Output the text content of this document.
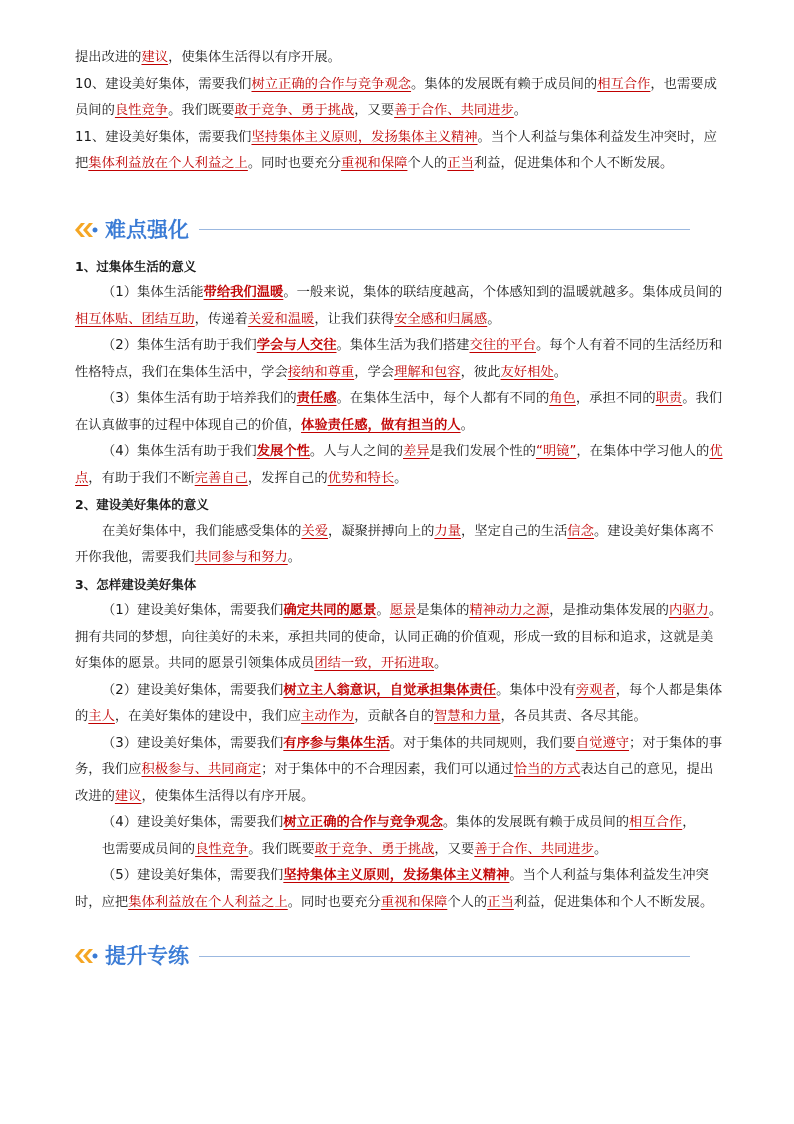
提出改进的建议，使集体生活得以有序开展。

10、建设美好集体，需要我们树立正确的合作与竞争观念。集体的发展既有赖于成员间的相互合作，也需要成员间的良性竞争。我们既要敢于竞争、勇于挑战，又要善于合作、共同进步。

11、建设美好集体，需要我们坚持集体主义原则，发扬集体主义精神。当个人利益与集体利益发生冲突时，应把集体利益放在个人利益之上。同时也要充分重视和保障个人的正当利益，促进集体和个人不断发展。

难点强化

1、过集体生活的意义

（1）集体生活能带给我们温暖。一般来说，集体的联结度越高，个体感知到的温暖就越多。集体成员间的相互体贴、团结互助，传递着关爱和温暖，让我们获得安全感和归属感。

（2）集体生活有助于我们学会与人交往。集体生活为我们搭建交往的平台。每个人有着不同的生活经历和性格特点，我们在集体生活中，学会接纳和尊重，学会理解和包容，彼此友好相处。

（3）集体生活有助于培养我们的责任感。在集体生活中，每个人都有不同的角色，承担不同的职责。我们在认真做事的过程中体现自己的价值，体验责任感，做有担当的人。

（4）集体生活有助于我们发展个性。人与人之间的差异是我们发展个性的“明镜”，在集体中学习他人的优点，有助于我们不断完善自己，发挥自己的优势和特长。

2、建设美好集体的意义

在美好集体中，我们能感受集体的关爱，凝聚拼搏向上的力量，坚定自己的生活信念。建设美好集体离不开你我他，需要我们共同参与和努力。

3、怎样建设美好集体

（1）建设美好集体，需要我们确定共同的愿景。愿景是集体的精神动力之源，是推动集体发展的内驱力。拥有共同的梦想，向往美好的未来，承担共同的使命，认同正确的价值观，形成一致的目标和追求，这就是美好集体的愿景。共同的愿景引领集体成员团结一致，开拓进取。

（2）建设美好集体，需要我们树立主人翁意识，自觉承担集体责任。集体中没有旁观者，每个人都是集体的主人，在美好集体的建设中，我们应主动作为，贡献各自的智慧和力量，各员其责、各尽其能。

（3）建设美好集体，需要我们有序参与集体生活。对于集体的共同规则，我们要自觉遵守；对于集体的事务，我们应积极参与、共同商定；对于集体中的不合理因素，我们可以通过恰当的方式表达自己的意见，提出改进的建议，使集体生活得以有序开展。

（4）建设美好集体，需要我们树立正确的合作与竞争观念。集体的发展既有赖于成员间的相互合作，

也需要成员间的良性竞争。我们既要敢于竞争、勇于挑战，又要善于合作、共同进步。

（5）建设美好集体，需要我们坚持集体主义原则，发扬集体主义精神。当个人利益与集体利益发生冲突时，应把集体利益放在个人利益之上。同时也要充分重视和保障个人的正当利益，促进集体和个人不断发展。

提升专练
